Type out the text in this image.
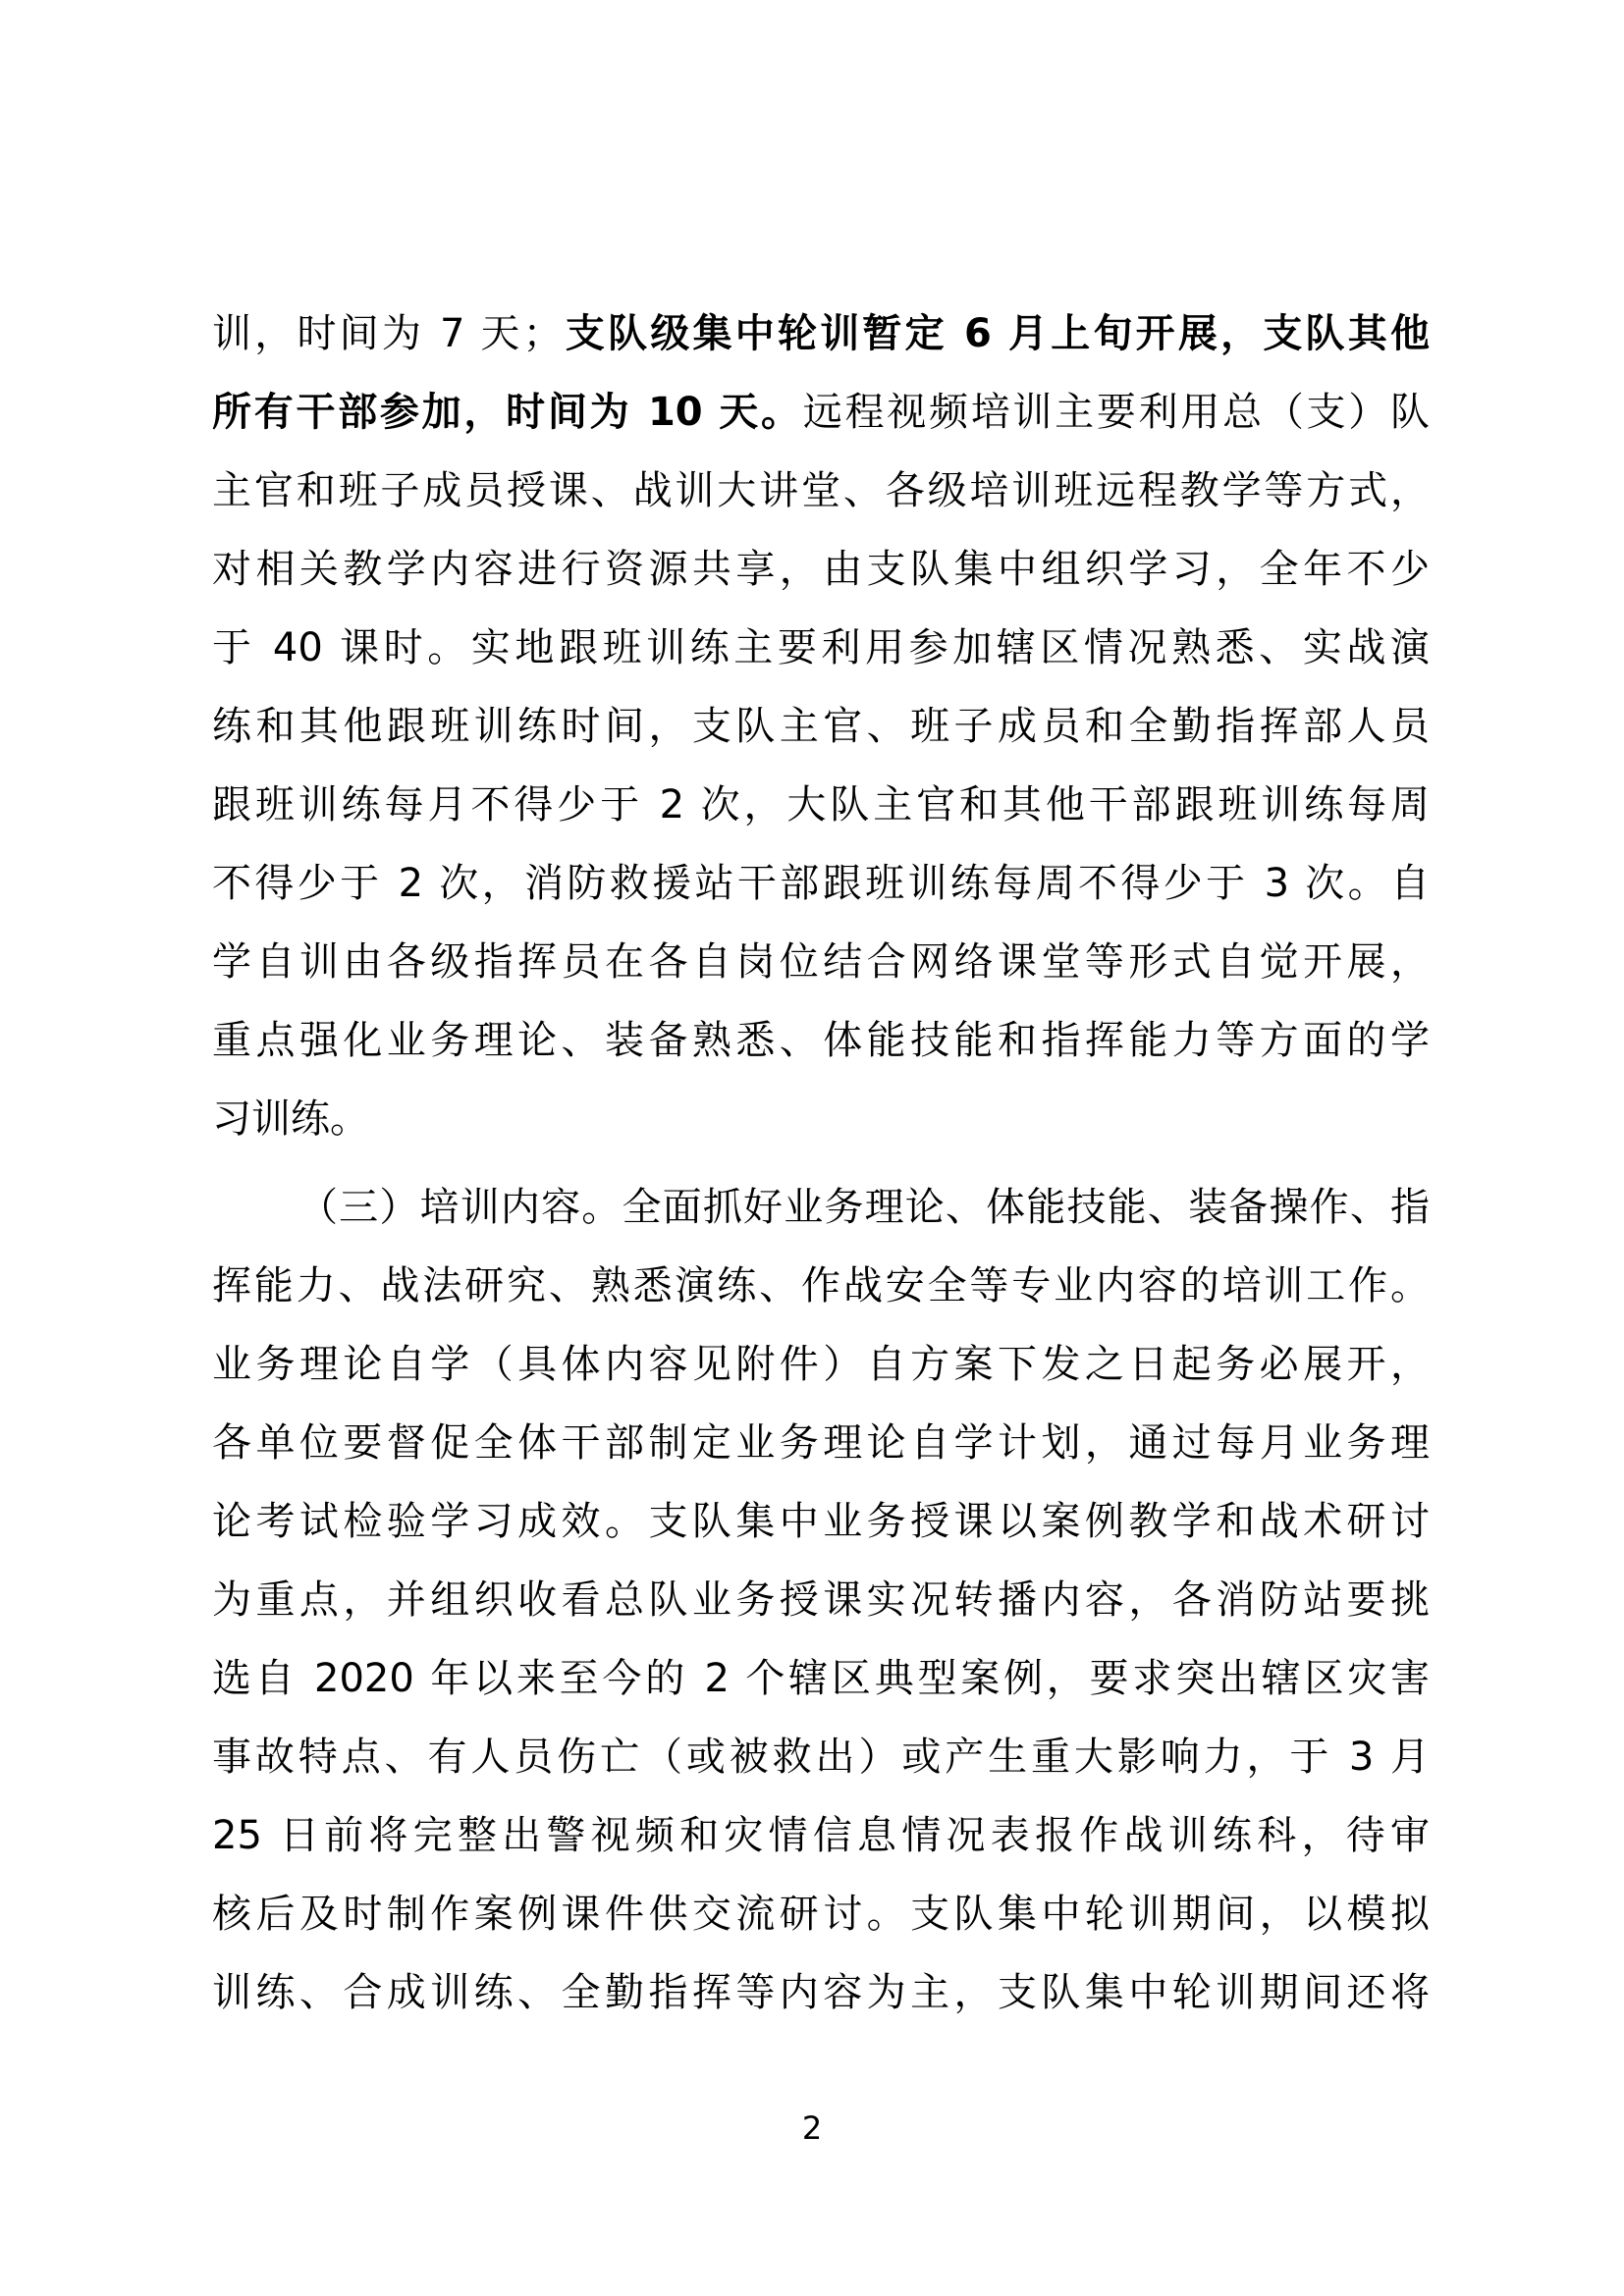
训，时间为 7 天；支队级集中轮训暂定 6 月上旬开展，支队其他
所有干部参加，时间为 10 天。远程视频培训主要利用总（支）队
主官和班子成员授课、战训大讲堂、各级培训班远程教学等方式，
对相关教学内容进行资源共享，由支队集中组织学习，全年不少
于 40 课时。实地跟班训练主要利用参加辖区情况熟悉、实战演
练和其他跟班训练时间，支队主官、班子成员和全勤指挥部人员
跟班训练每月不得少于 2 次，大队主官和其他干部跟班训练每周
不得少于 2 次，消防救援站干部跟班训练每周不得少于 3 次。自
学自训由各级指挥员在各自岗位结合网络课堂等形式自觉开展，
重点强化业务理论、装备熟悉、体能技能和指挥能力等方面的学
习训练。
（三）培训内容。全面抓好业务理论、体能技能、装备操作、指
挥能力、战法研究、熟悉演练、作战安全等专业内容的培训工作。
业务理论自学（具体内容见附件）自方案下发之日起务必展开，
各单位要督促全体干部制定业务理论自学计划，通过每月业务理
论考试检验学习成效。支队集中业务授课以案例教学和战术研讨
为重点，并组织收看总队业务授课实况转播内容，各消防站要挑
选自 2020 年以来至今的 2 个辖区典型案例，要求突出辖区灾害
事故特点、有人员伤亡（或被救出）或产生重大影响力，于 3 月
25 日前将完整出警视频和灾情信息情况表报作战训练科，待审
核后及时制作案例课件供交流研讨。支队集中轮训期间，以模拟
训练、合成训练、全勤指挥等内容为主，支队集中轮训期间还将
2
